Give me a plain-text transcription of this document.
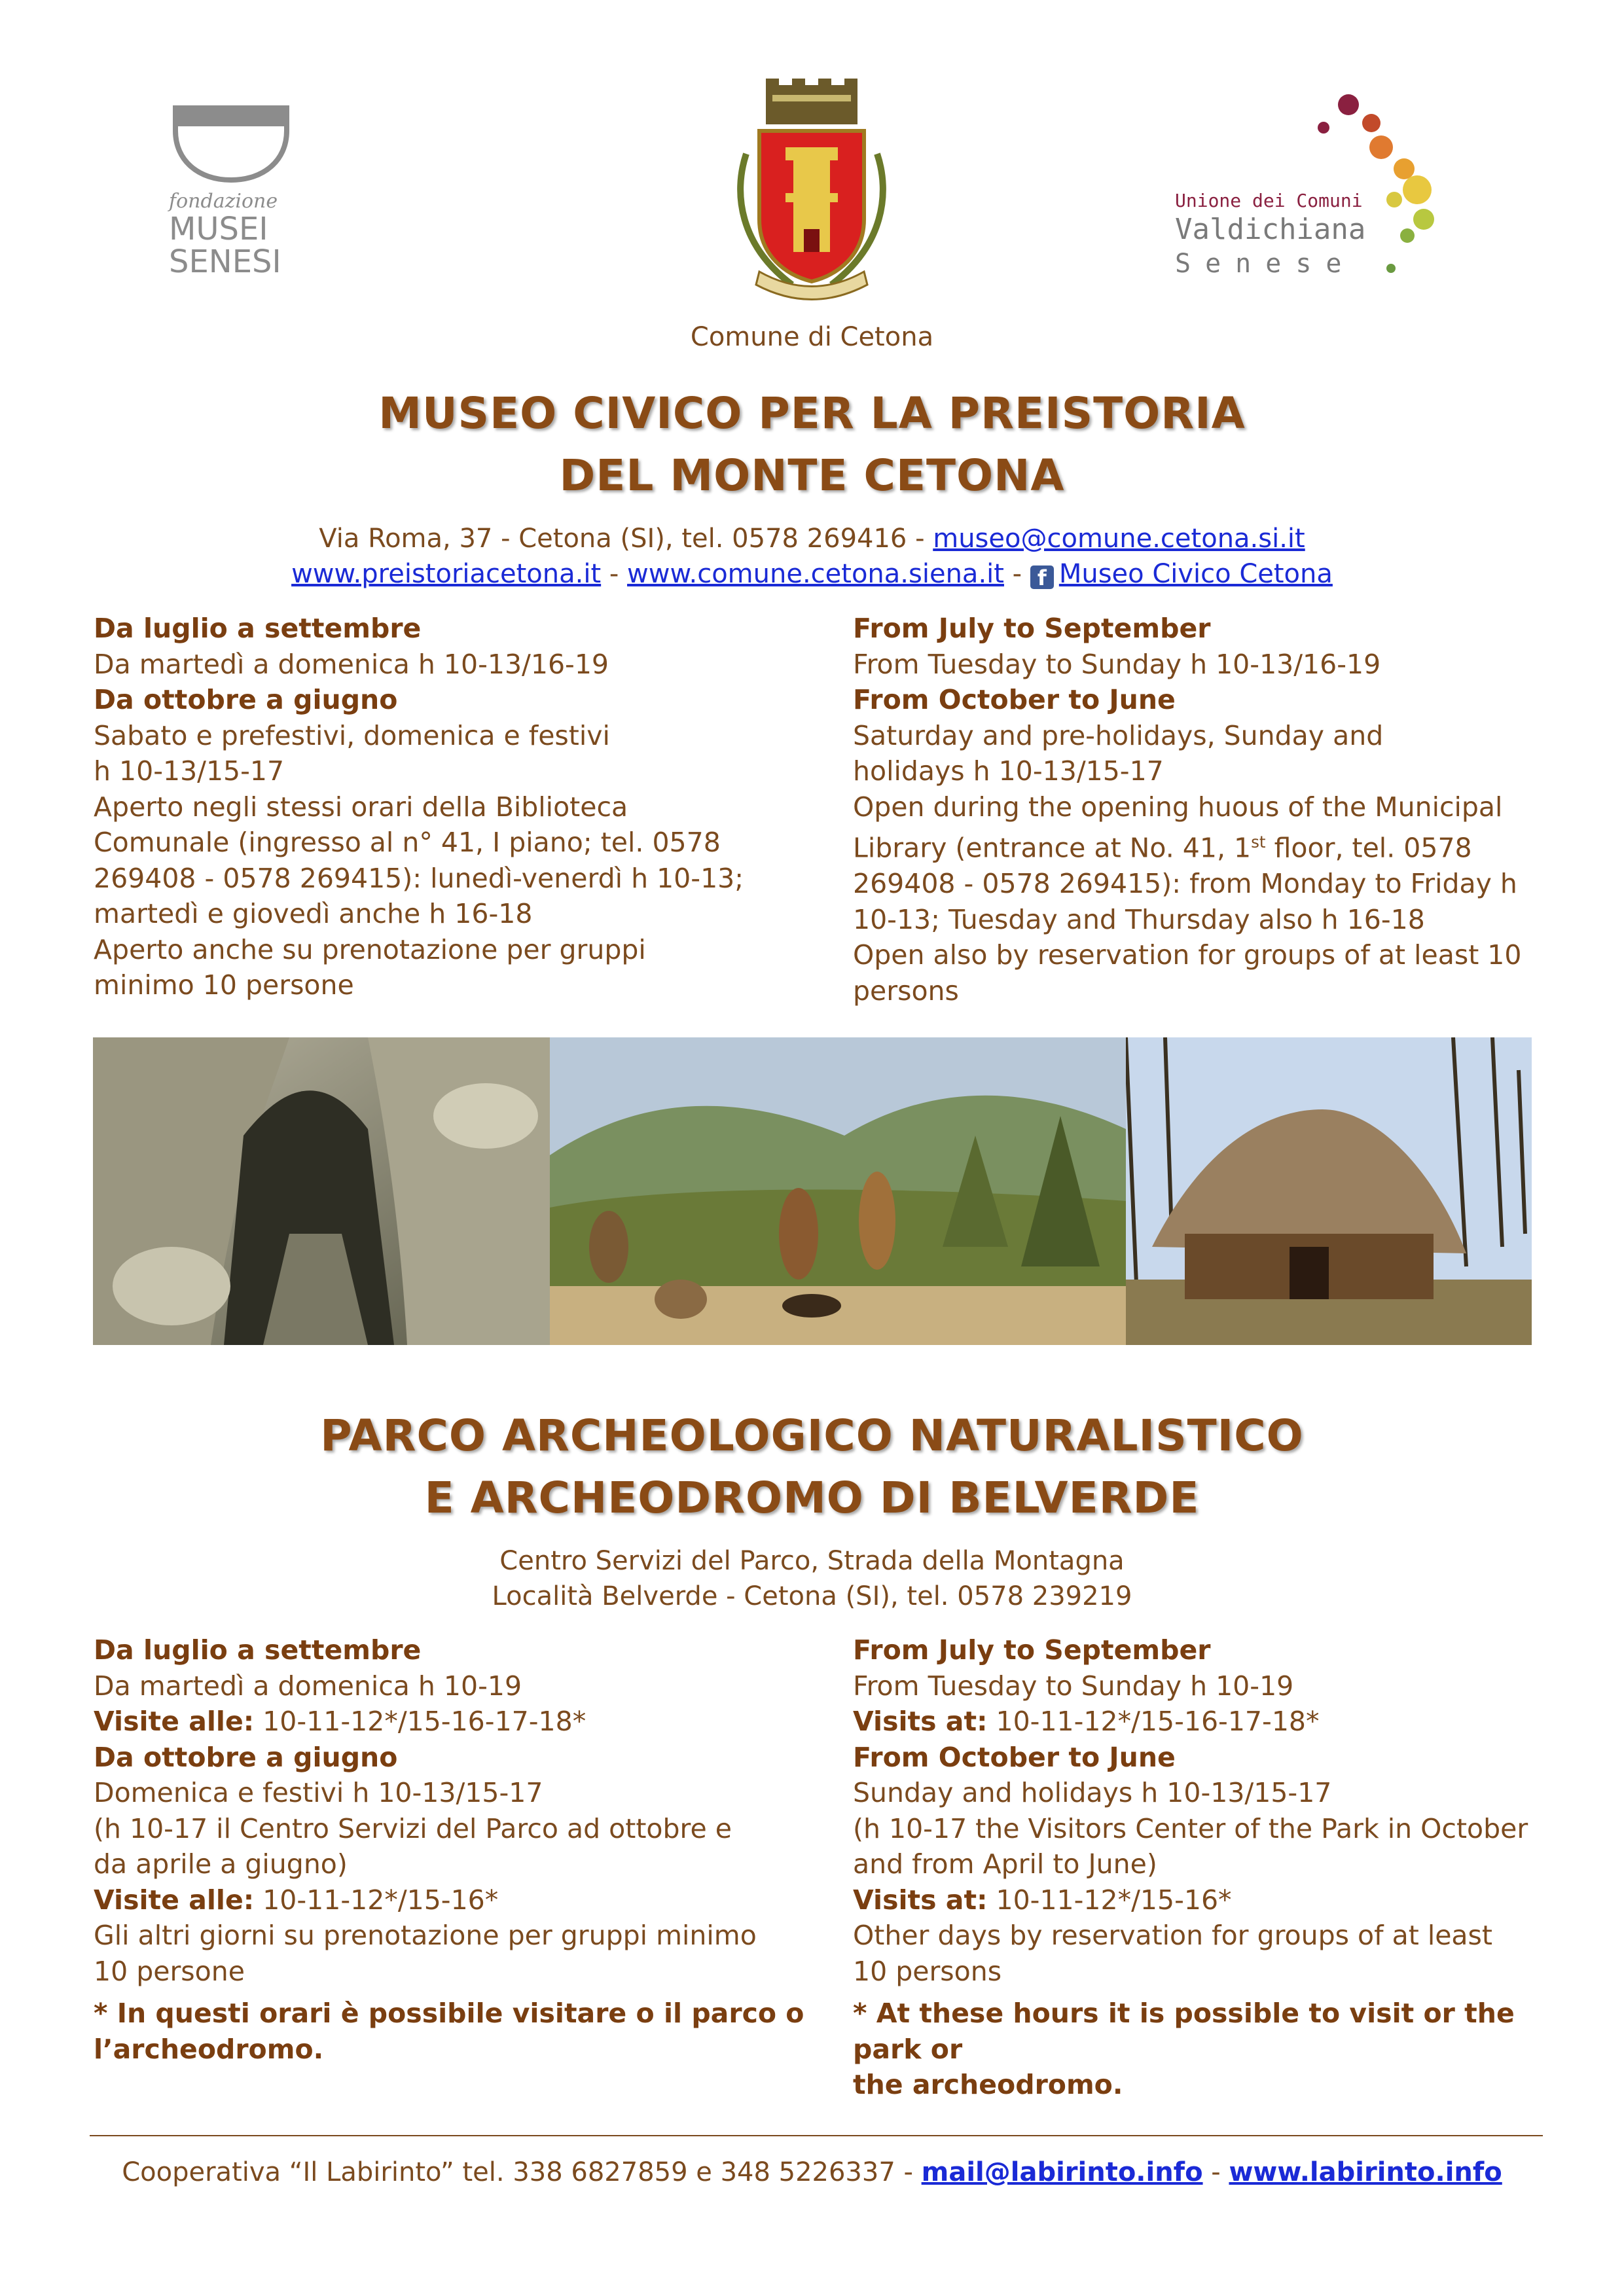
fondazione
MUSEI
SENESI
Unione dei Comuni
Valdichiana
Senese
Comune di Cetona
MUSEO CIVICO PER LA PREISTORIA
DEL MONTE CETONA
Via Roma, 37 - Cetona (SI), tel. 0578 269416 - museo@comune.cetona.si.it
www.preistoriacetona.it - www.comune.cetona.siena.it - f Museo Civico Cetona
Da luglio a settembre
Da martedì a domenica h 10-13/16-19
Da ottobre a giugno
Sabato e prefestivi, domenica e festivi
h 10-13/15-17
Aperto negli stessi orari della Biblioteca
Comunale (ingresso al n° 41, I piano; tel. 0578
269408 - 0578 269415): lunedì-venerdì h 10-13;
martedì e giovedì anche h 16-18
Aperto anche su prenotazione per gruppi
minimo 10 persone
From July to September
From Tuesday to Sunday h 10-13/16-19
From October to June
Saturday and pre-holidays, Sunday and
holidays h 10-13/15-17
Open during the opening huous of the Municipal
Library (entrance at No. 41, 1st floor, tel. 0578
269408 - 0578 269415): from Monday to Friday h
10-13; Tuesday and Thursday also h 16-18
Open also by reservation for groups of at least 10
persons
PARCO ARCHEOLOGICO NATURALISTICO
E ARCHEODROMO DI BELVERDE
Centro Servizi del Parco, Strada della Montagna
Località Belverde - Cetona (SI), tel. 0578 239219
Da luglio a settembre
Da martedì a domenica h 10-19
Visite alle: 10-11-12*/15-16-17-18*
Da ottobre a giugno
Domenica e festivi h 10-13/15-17
(h 10-17 il Centro Servizi del Parco ad ottobre e
da aprile a giugno)
Visite alle: 10-11-12*/15-16*
Gli altri giorni su prenotazione per gruppi minimo
10 persone
* In questi orari è possibile visitare o il parco o
l’archeodromo.
From July to September
From Tuesday to Sunday h 10-19
Visits at: 10-11-12*/15-16-17-18*
From October to June
Sunday and holidays h 10-13/15-17
(h 10-17 the Visitors Center of the Park in October
and from April to June)
Visits at: 10-11-12*/15-16*
Other days by reservation for groups of at least
10 persons
* At these hours it is possible to visit or the park or
the archeodromo.
Cooperativa “Il Labirinto” tel. 338 6827859 e 348 5226337 - mail@labirinto.info - www.labirinto.info
